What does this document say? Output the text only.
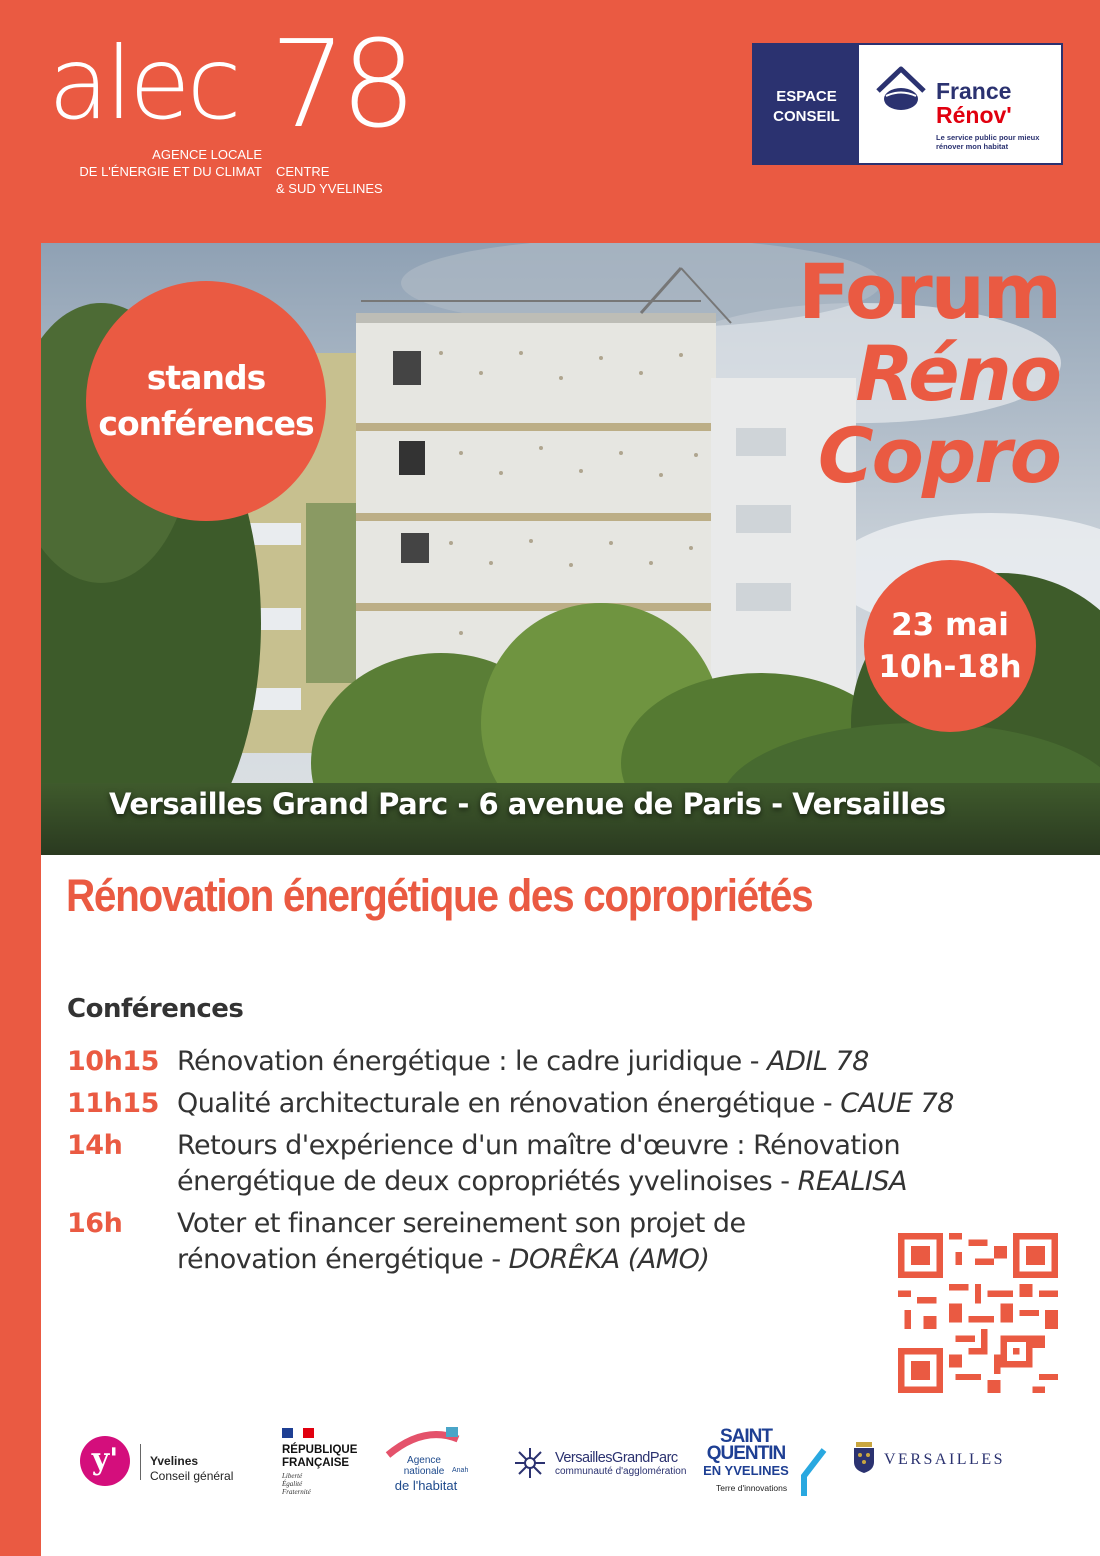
alec 78
AGENCE LOCALE
DE L'ÉNERGIE ET DU CLIMAT CENTRE
& SUD YVELINES
ESPACE
CONSEIL
France
Rénov'
Le service public pour mieux rénover mon habitat
stands
conférences
Forum
Réno
Copro
23 mai
10h-18h
Versailles Grand Parc - 6 avenue de Paris - Versailles
Rénovation énergétique des copropriétés
Conférences
10h15 Rénovation énergétique : le cadre juridique - ADIL 78
11h15 Qualité architecturale en rénovation énergétique - CAUE 78
14h	Retours d'expérience d'un maître d'œuvre : Rénovation énergétique de deux copropriétés yvelinoises - REALISA
16h	Voter et financer sereinement son projet de rénovation énergétique - DORÊKA (AMO)
y'	Yvelines
Conseil général
RÉPUBLIQUE
FRANÇAISE
Liberté
Égalité
Fraternité
Agence
nationale
de l'habitat
Anah
VersaillesGrandParc
communauté d'agglomération
SAINT
QUENTIN
EN YVELINES
Terre d'innovations
VERSAILLES
